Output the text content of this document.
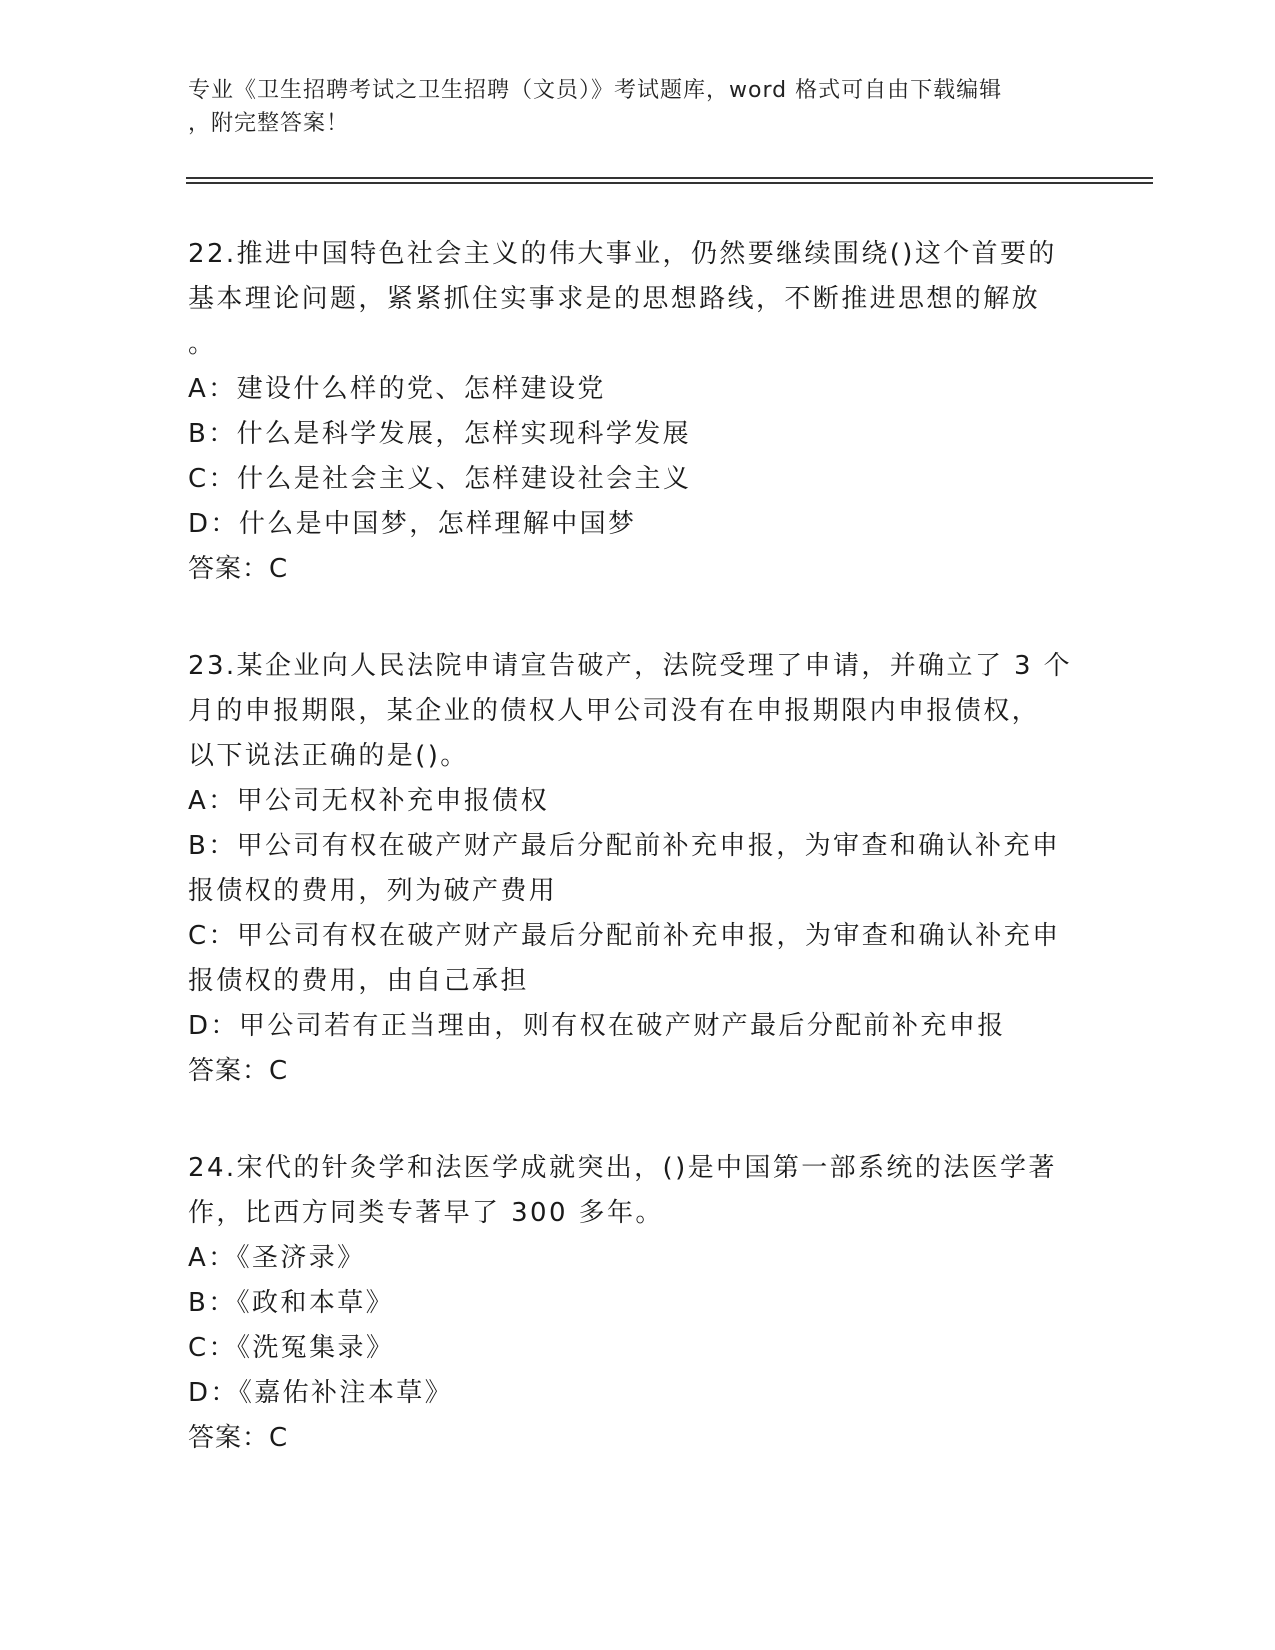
专业《卫生招聘考试之卫生招聘（文员）》考试题库，word 格式可自由下载编辑
，附完整答案！

22.推进中国特色社会主义的伟大事业，仍然要继续围绕()这个首要的

基本理论问题，紧紧抓住实事求是的思想路线，不断推进思想的解放

。

A：建设什么样的党、怎样建设党

B：什么是科学发展，怎样实现科学发展

C：什么是社会主义、怎样建设社会主义

D：什么是中国梦，怎样理解中国梦

答案：C

23.某企业向人民法院申请宣告破产，法院受理了申请，并确立了 3 个

月的申报期限，某企业的债权人甲公司没有在申报期限内申报债权，

以下说法正确的是()。

A：甲公司无权补充申报债权

B：甲公司有权在破产财产最后分配前补充申报，为审查和确认补充申

报债权的费用，列为破产费用

C：甲公司有权在破产财产最后分配前补充申报，为审查和确认补充申

报债权的费用，由自己承担

D：甲公司若有正当理由，则有权在破产财产最后分配前补充申报

答案：C

24.宋代的针灸学和法医学成就突出，()是中国第一部系统的法医学著

作，比西方同类专著早了 300 多年。

A：《圣济录》

B：《政和本草》

C：《洗冤集录》

D：《嘉佑补注本草》

答案：C
